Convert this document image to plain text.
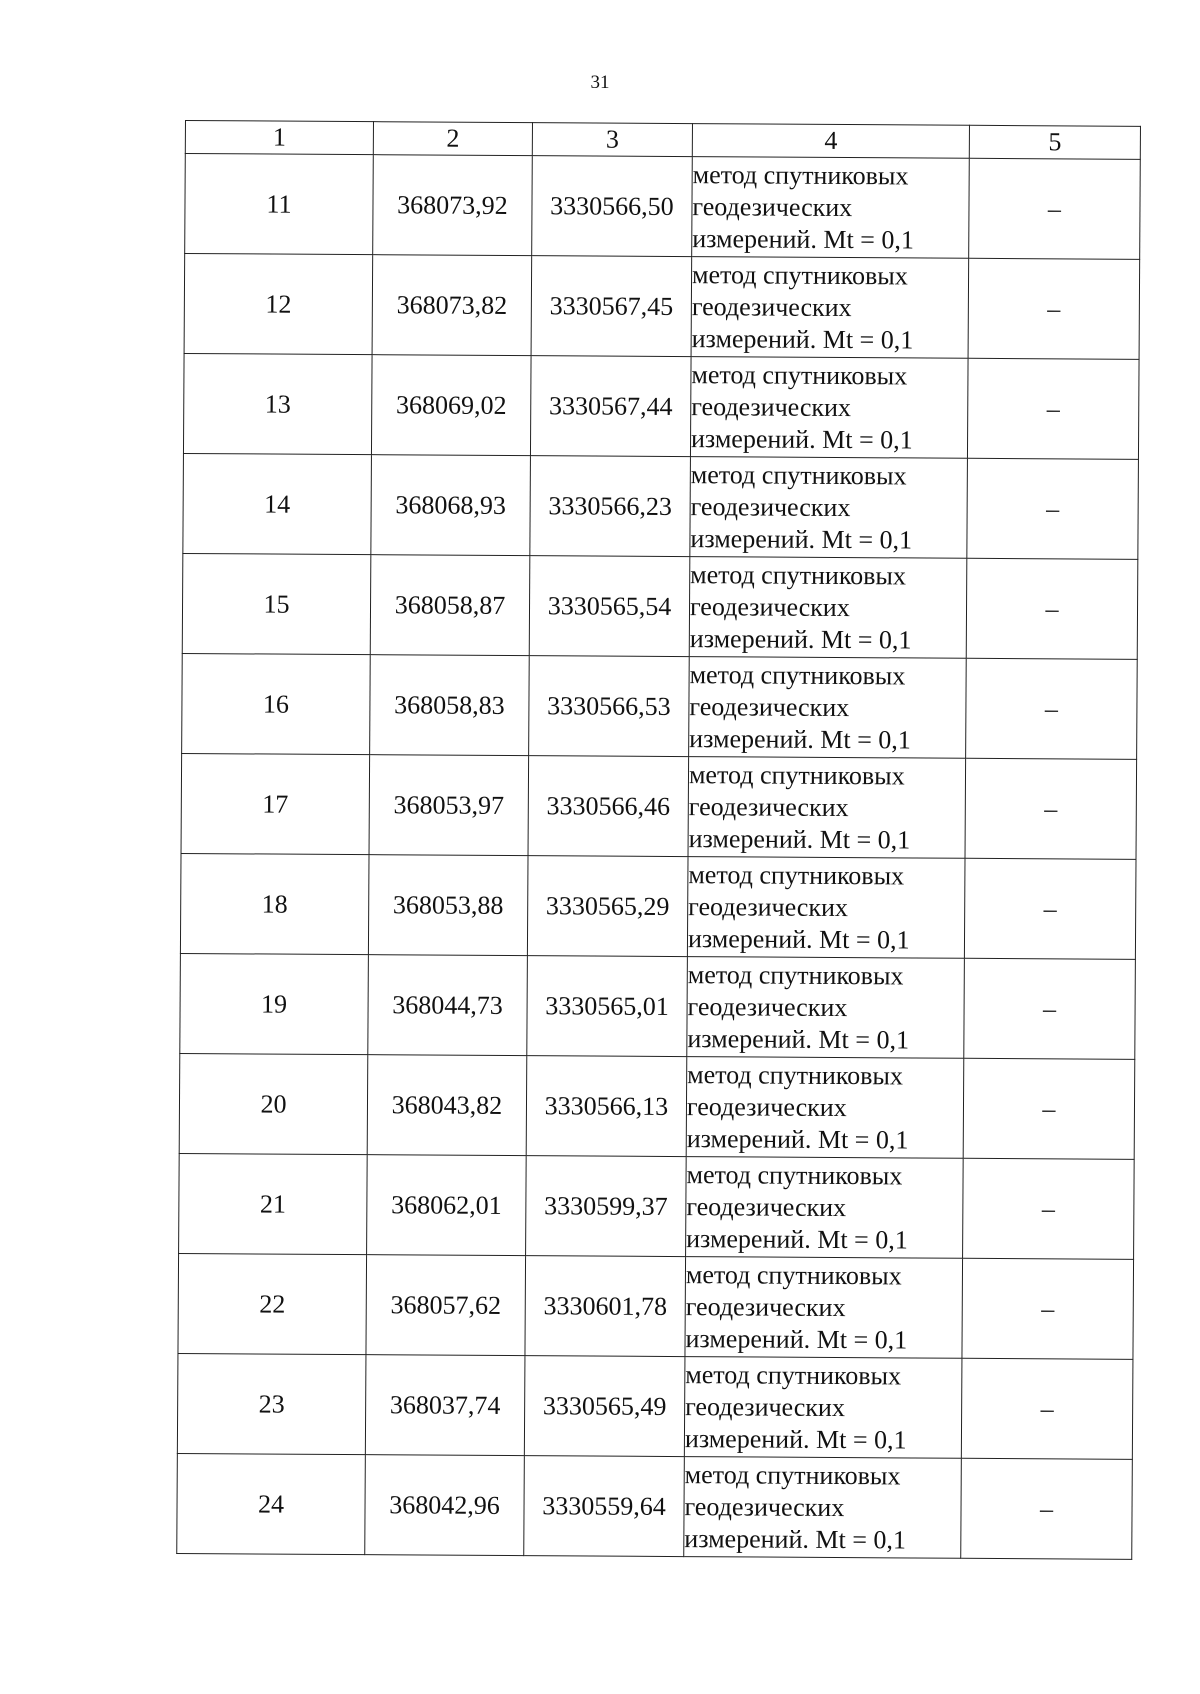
31
1	2	3	4	5
11	368073,92	3330566,50	метод спутниковых
геодезических
измерений. Mt = 0,1	–
12	368073,82	3330567,45	метод спутниковых
геодезических
измерений. Mt = 0,1	–
13	368069,02	3330567,44	метод спутниковых
геодезических
измерений. Mt = 0,1	–
14	368068,93	3330566,23	метод спутниковых
геодезических
измерений. Mt = 0,1	–
15	368058,87	3330565,54	метод спутниковых
геодезических
измерений. Mt = 0,1	–
16	368058,83	3330566,53	метод спутниковых
геодезических
измерений. Mt = 0,1	–
17	368053,97	3330566,46	метод спутниковых
геодезических
измерений. Mt = 0,1	–
18	368053,88	3330565,29	метод спутниковых
геодезических
измерений. Mt = 0,1	–
19	368044,73	3330565,01	метод спутниковых
геодезических
измерений. Mt = 0,1	–
20	368043,82	3330566,13	метод спутниковых
геодезических
измерений. Mt = 0,1	–
21	368062,01	3330599,37	метод спутниковых
геодезических
измерений. Mt = 0,1	–
22	368057,62	3330601,78	метод спутниковых
геодезических
измерений. Mt = 0,1	–
23	368037,74	3330565,49	метод спутниковых
геодезических
измерений. Mt = 0,1	–
24	368042,96	3330559,64	метод спутниковых
геодезических
измерений. Mt = 0,1	–
